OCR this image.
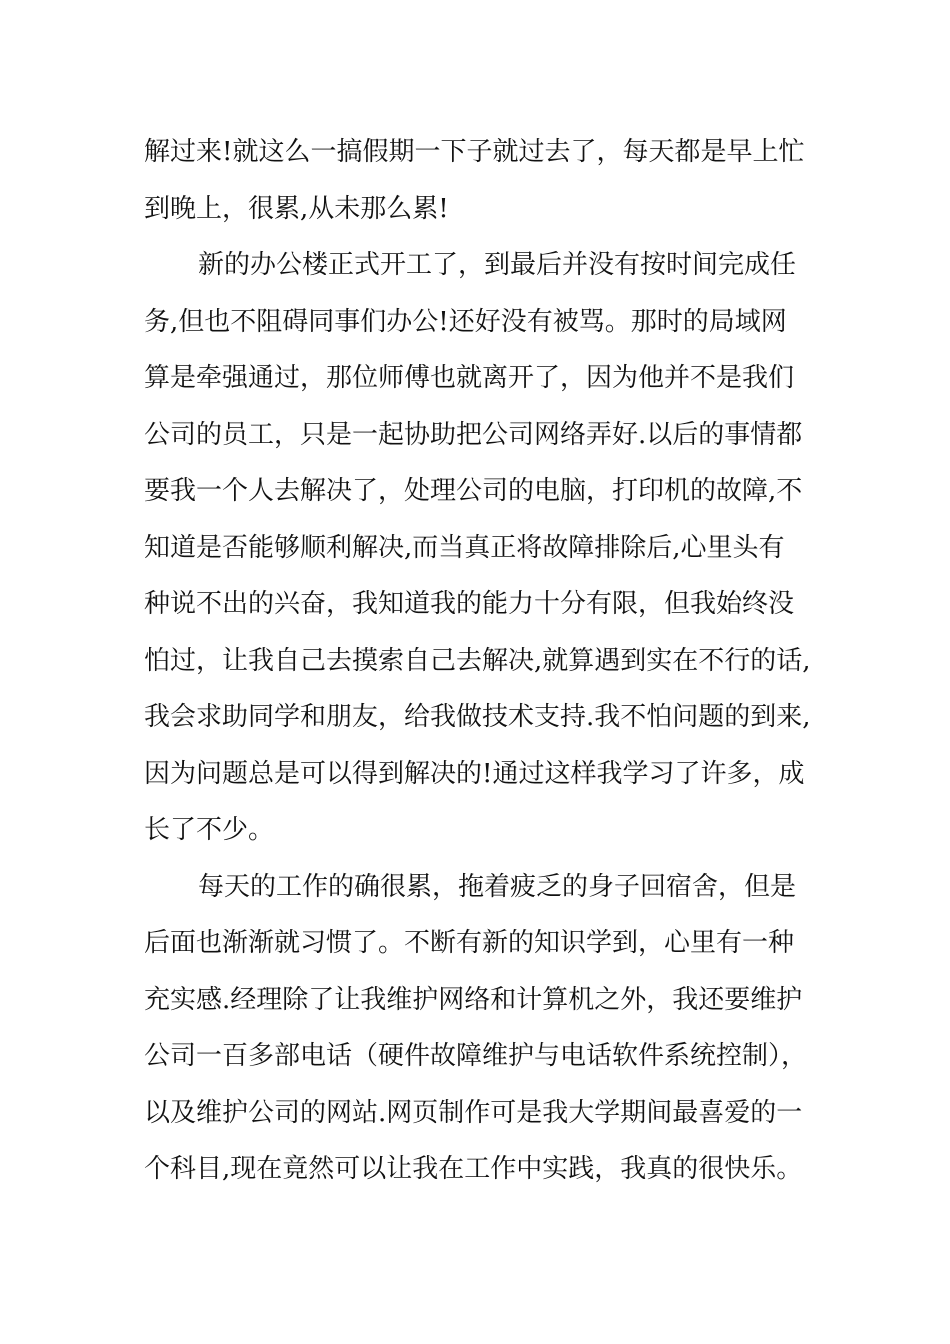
解过来!就这么一搞假期一下子就过去了，每天都是早上忙
到晚上，很累,从未那么累!
新的办公楼正式开工了，到最后并没有按时间完成任
务,但也不阻碍同事们办公!还好没有被骂。那时的局域网
算是牵强通过，那位师傅也就离开了，因为他并不是我们
公司的员工，只是一起协助把公司网络弄好.以后的事情都
要我一个人去解决了，处理公司的电脑，打印机的故障,不
知道是否能够顺利解决,而当真正将故障排除后,心里头有
种说不出的兴奋，我知道我的能力十分有限，但我始终没
怕过，让我自己去摸索自己去解决,就算遇到实在不行的话,
我会求助同学和朋友，给我做技术支持.我不怕问题的到来,
因为问题总是可以得到解决的!通过这样我学习了许多，成
长了不少。
每天的工作的确很累，拖着疲乏的身子回宿舍，但是
后面也渐渐就习惯了。不断有新的知识学到，心里有一种
充实感.经理除了让我维护网络和计算机之外，我还要维护
公司一百多部电话（硬件故障维护与电话软件系统控制），
以及维护公司的网站.网页制作可是我大学期间最喜爱的一
个科目,现在竟然可以让我在工作中实践，我真的很快乐。
